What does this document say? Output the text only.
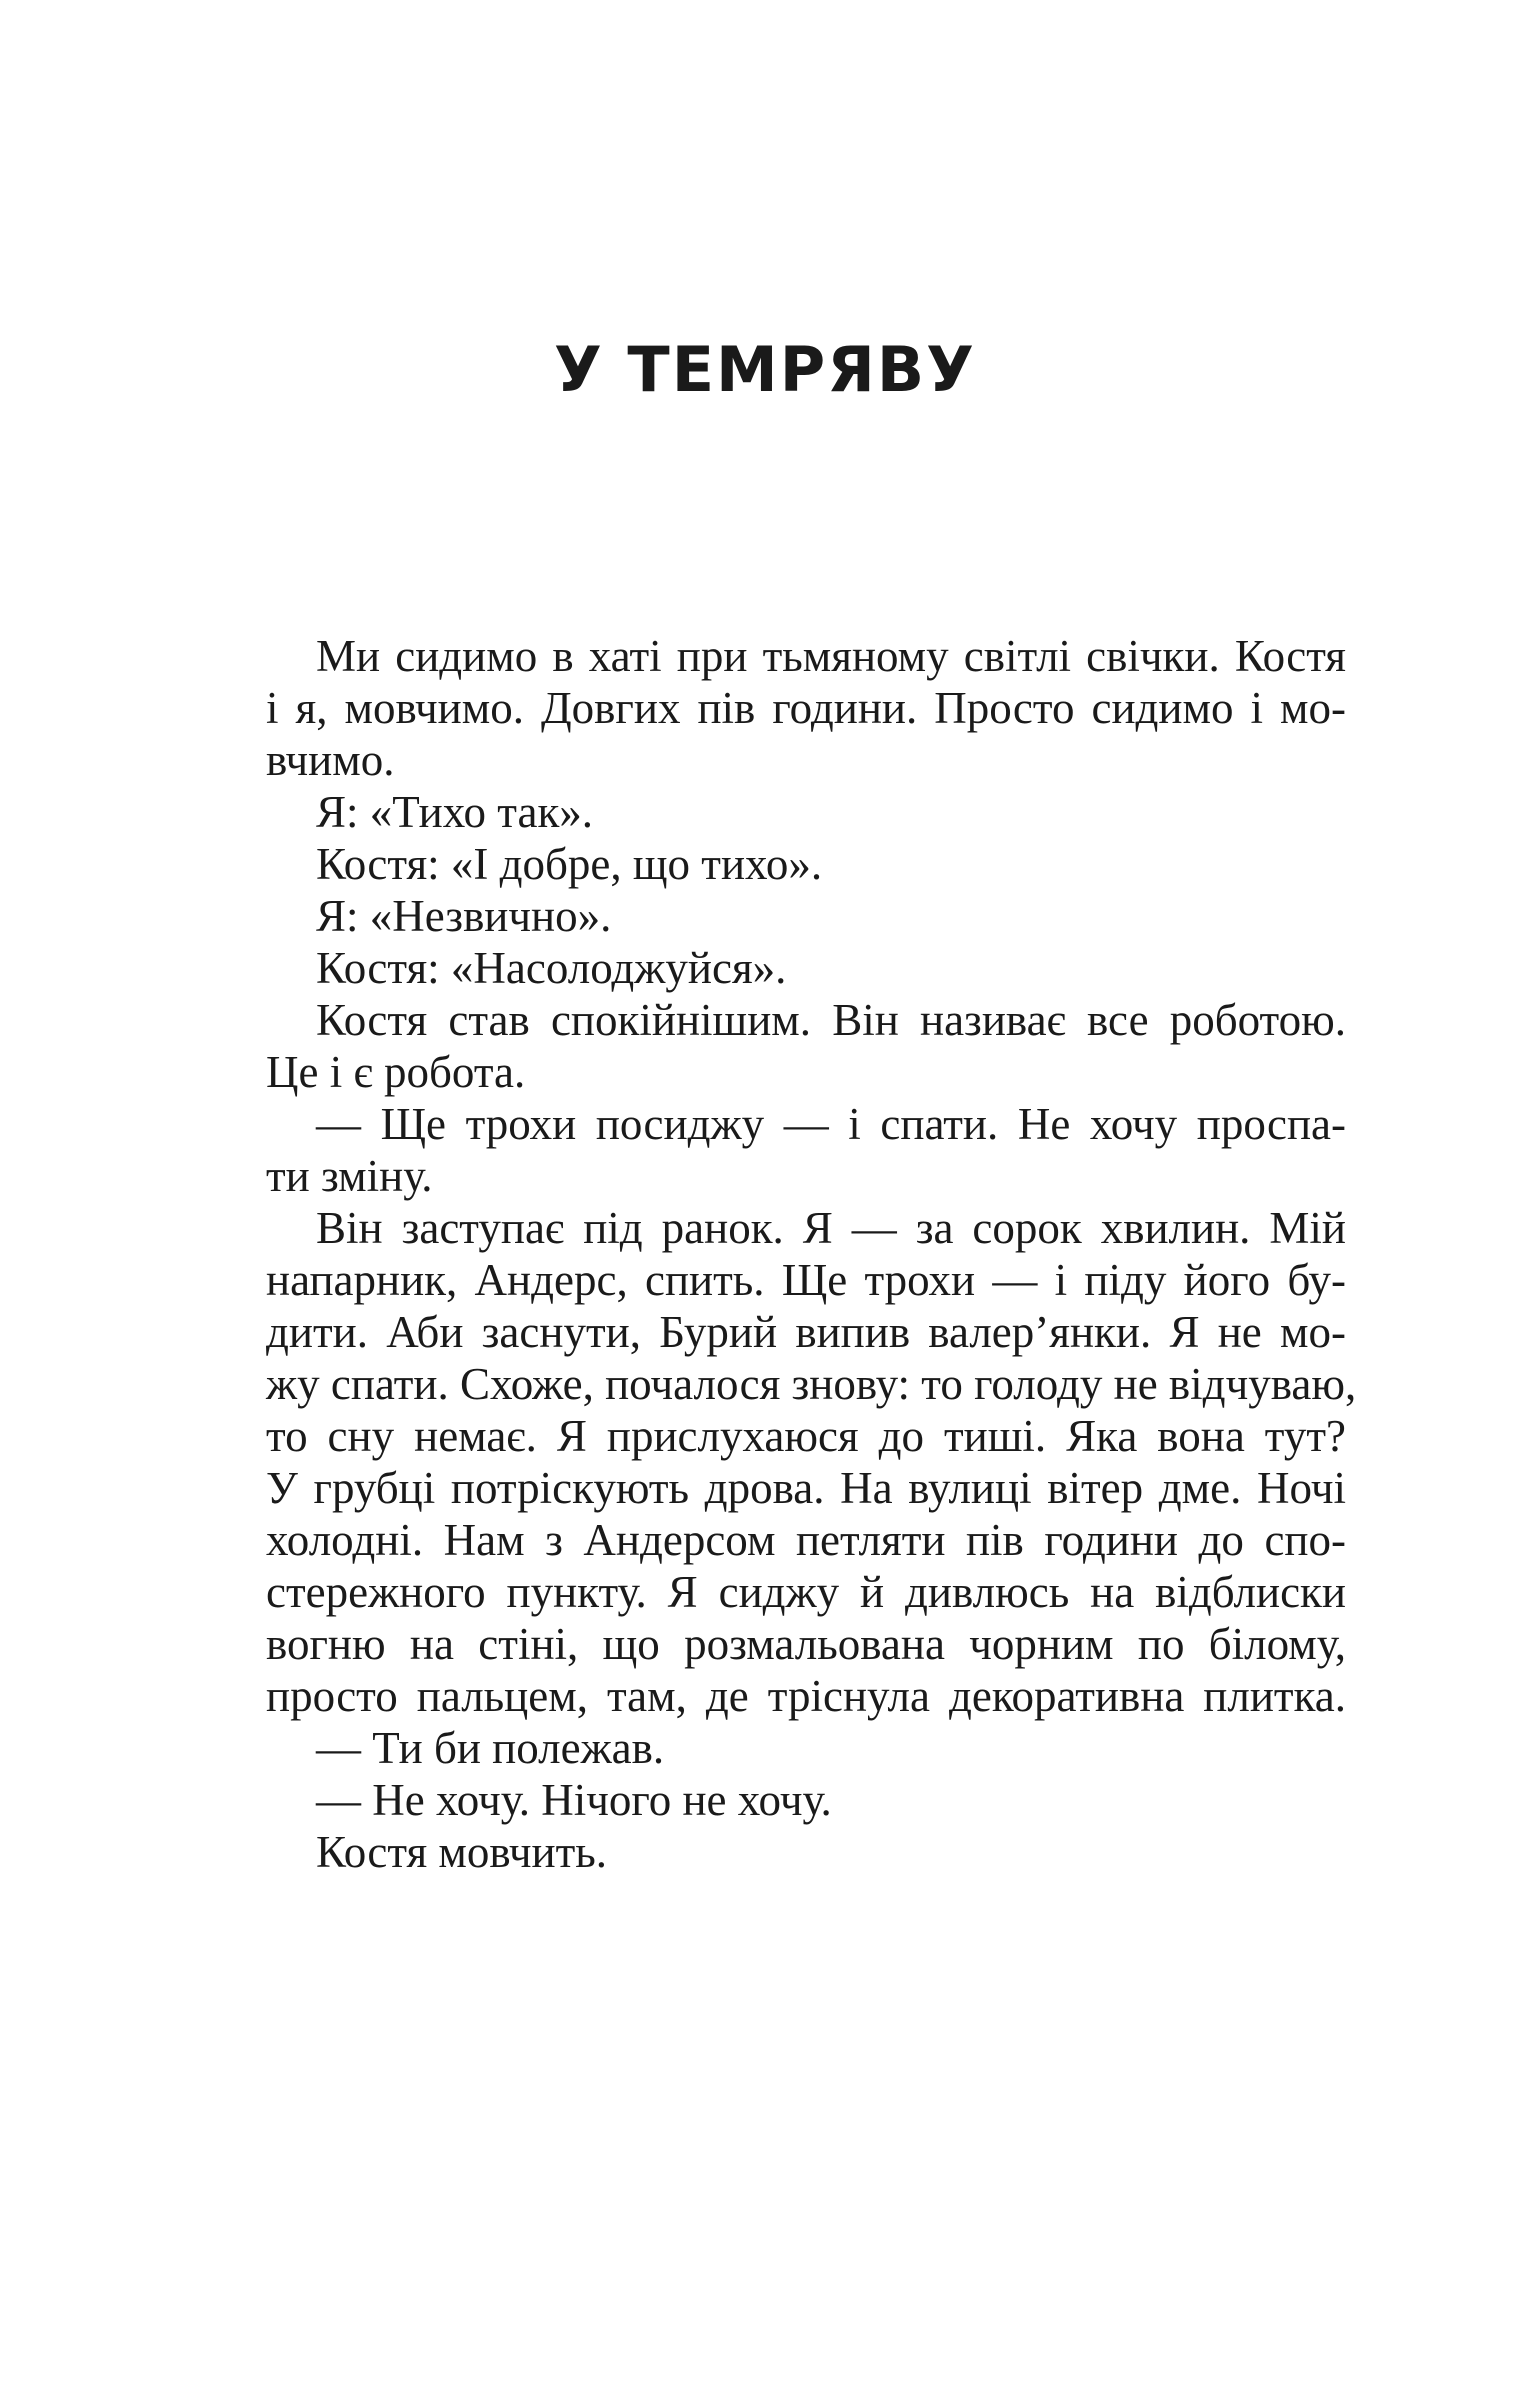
У ТЕМРЯВУ
Ми сидимо в хаті при тьмяному світлі свічки. Костя
і я, мовчимо. Довгих пів години. Просто сидимо і мо-
вчимо.
Я: «Тихо так».
Костя: «І добре, що тихо».
Я: «Незвично».
Костя: «Насолоджуйся».
Костя став спокійнішим. Він називає все роботою.
Це і є робота.
— Ще трохи посиджу — і спати. Не хочу проспа-
ти зміну.
Він заступає під ранок. Я — за сорок хвилин. Мій
напарник, Андерс, спить. Ще трохи — і піду його бу-
дити. Аби заснути, Бурий випив валер’янки. Я не мо-
жу спати. Схоже, почалося знову: то голоду не відчуваю,
то сну немає. Я прислухаюся до тиші. Яка вона тут?
У грубці потріскують дрова. На вулиці вітер дме. Ночі
холодні. Нам з Андерсом петляти пів години до спо-
стережного пункту. Я сиджу й дивлюсь на відблиски
вогню на стіні, що розмальована чорним по білому,
просто пальцем, там, де тріснула декоративна плитка.
— Ти би полежав.
— Не хочу. Нічого не хочу.
Костя мовчить.
